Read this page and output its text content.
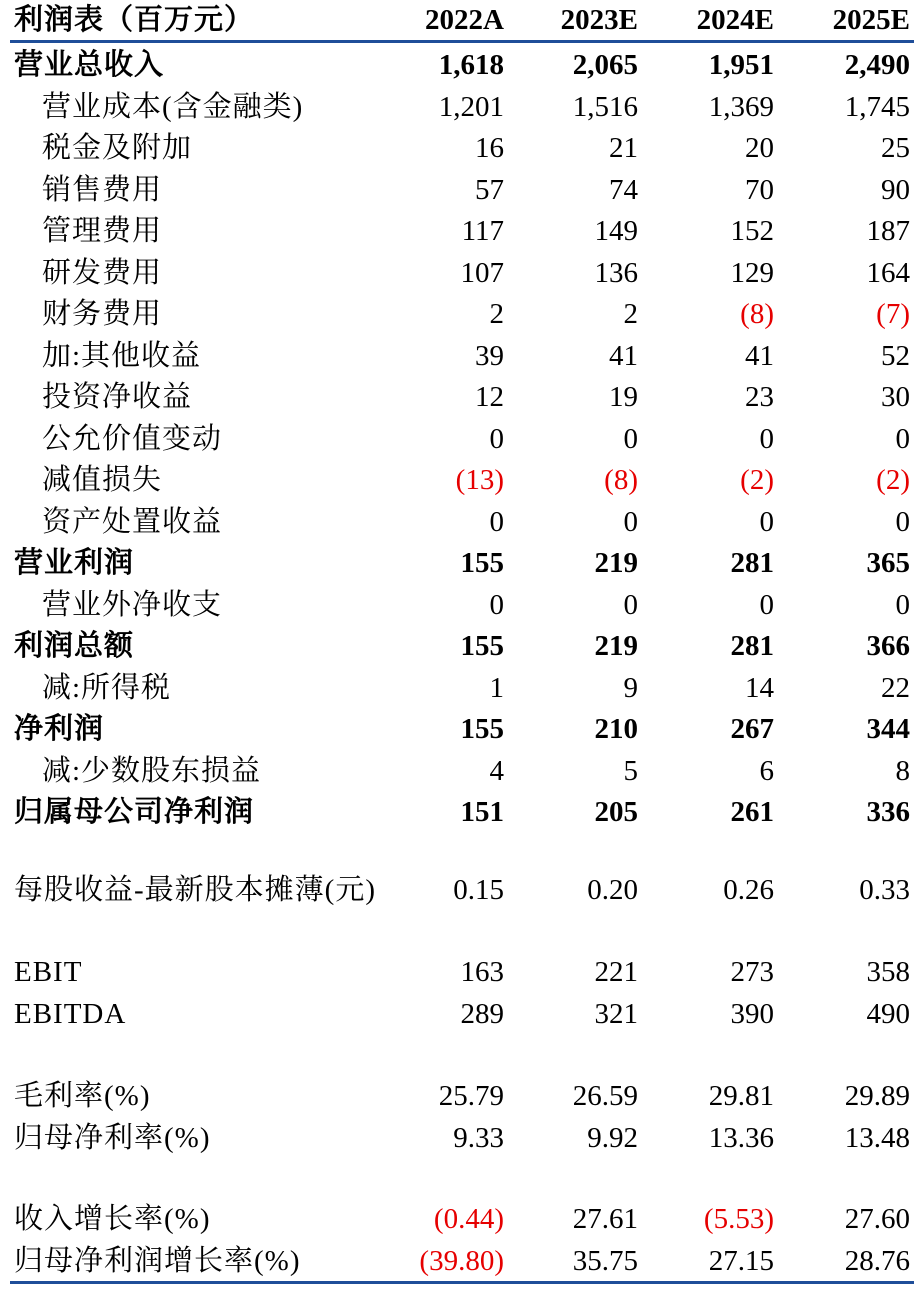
利润表（百万元）	2022A 2023E 2024E 2025E
营业总收入	1,618 2,065 1,951 2,490
营业成本(含金融类)	1,201 1,516 1,369 1,745
税金及附加	16	21	20	25
销售费用	57	74	70	90
管理费用	117	149	152	187
研发费用	107	136	129	164
财务费用	2	2	(8)	(7)
加:其他收益	39	41	41	52
投资净收益	12	19	23	30
公允价值变动	0	0	0	0
减值损失	(13)	(8)	(2)	(2)
资产处置收益	0	0	0	0
营业利润	155	219	281	365
营业外净收支	0	0	0	0
利润总额	155	219	281	366
减:所得税	1	9	14	22
净利润	155	210	267	344
减:少数股东损益	4	5	6	8
归属母公司净利润	151	205	261	336
每股收益-最新股本摊薄(元)	0.15	0.20	0.26	0.33
EBIT	163	221	273	358
EBITDA	289	321	390	490
毛利率(%)	25.79 26.59 29.81 29.89
归母净利率(%)	9.33	9.92 13.36 13.48
收入增长率(%)	(0.44) 27.61 (5.53) 27.60
归母净利润增长率(%)	(39.80) 35.75 27.15 28.76
